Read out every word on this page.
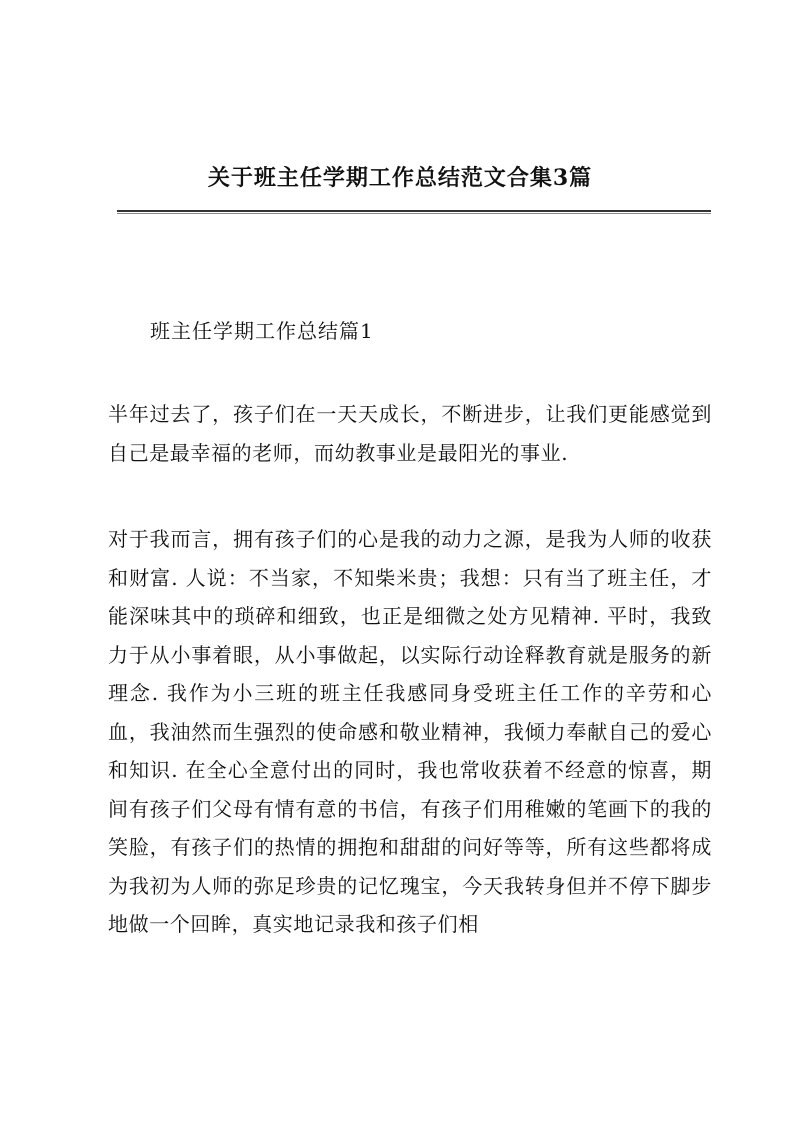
关于班主任学期工作总结范文合集3篇
班主任学期工作总结篇1

半年过去了，孩子们在一天天成长，不断进步，让我们更能感觉到自己是最幸福的老师，而幼教事业是最阳光的事业.

对于我而言，拥有孩子们的心是我的动力之源，是我为人师的收获和财富. 人说：不当家，不知柴米贵；我想：只有当了班主任，才能深味其中的琐碎和细致，也正是细微之处方见精神. 平时，我致力于从小事着眼，从小事做起，以实际行动诠释教育就是服务的新理念. 我作为小三班的班主任我感同身受班主任工作的辛劳和心血，我油然而生强烈的使命感和敬业精神，我倾力奉献自己的爱心和知识. 在全心全意付出的同时，我也常收获着不经意的惊喜，期间有孩子们父母有情有意的书信，有孩子们用稚嫩的笔画下的我的笑脸，有孩子们的热情的拥抱和甜甜的问好等等，所有这些都将成为我初为人师的弥足珍贵的记忆瑰宝，今天我转身但并不停下脚步地做一个回眸，真实地记录我和孩子们相
